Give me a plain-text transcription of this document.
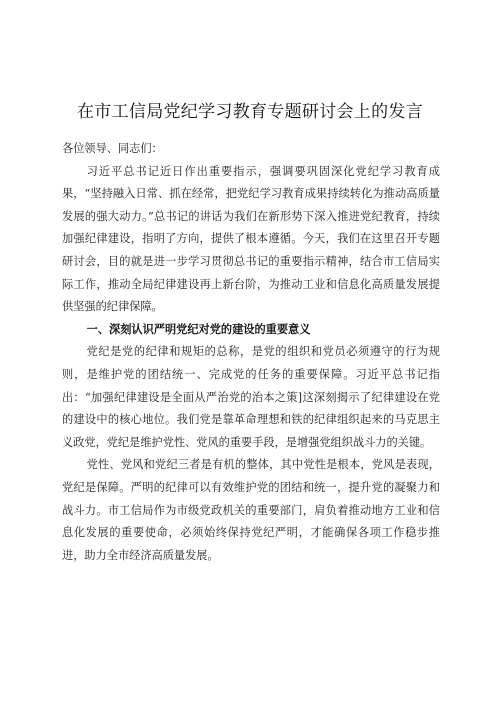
在市工信局党纪学习教育专题研讨会上的发言

各位领导、同志们：

习近平总书记近日作出重要指示，强调要巩固深化党纪学习教育成果，“坚持融入日常、抓在经常，把党纪学习教育成果持续转化为推动高质量发展的强大动力。”总书记的讲话为我们在新形势下深入推进党纪教育，持续加强纪律建设，指明了方向，提供了根本遵循。今天，我们在这里召开专题研讨会，目的就是进一步学习贯彻总书记的重要指示精神，结合市工信局实际工作，推动全局纪律建设再上新台阶，为推动工业和信息化高质量发展提供坚强的纪律保障。

一、深刻认识严明党纪对党的建设的重要意义

党纪是党的纪律和规矩的总称，是党的组织和党员必须遵守的行为规则，是维护党的团结统一、完成党的任务的重要保障。习近平总书记指出：“加强纪律建设是全面从严治党的治本之策]这深刻揭示了纪律建设在党的建设中的核心地位。我们党是靠革命理想和铁的纪律组织起来的马克思主义政党，党纪是维护党性、党风的重要手段，是增强党组织战斗力的关键。

党性、党风和党纪三者是有机的整体，其中党性是根本，党风是表现，党纪是保障。严明的纪律可以有效维护党的团结和统一，提升党的凝聚力和战斗力。市工信局作为市级党政机关的重要部门，肩负着推动地方工业和信息化发展的重要使命，必须始终保持党纪严明，才能确保各项工作稳步推进，助力全市经济高质量发展。
